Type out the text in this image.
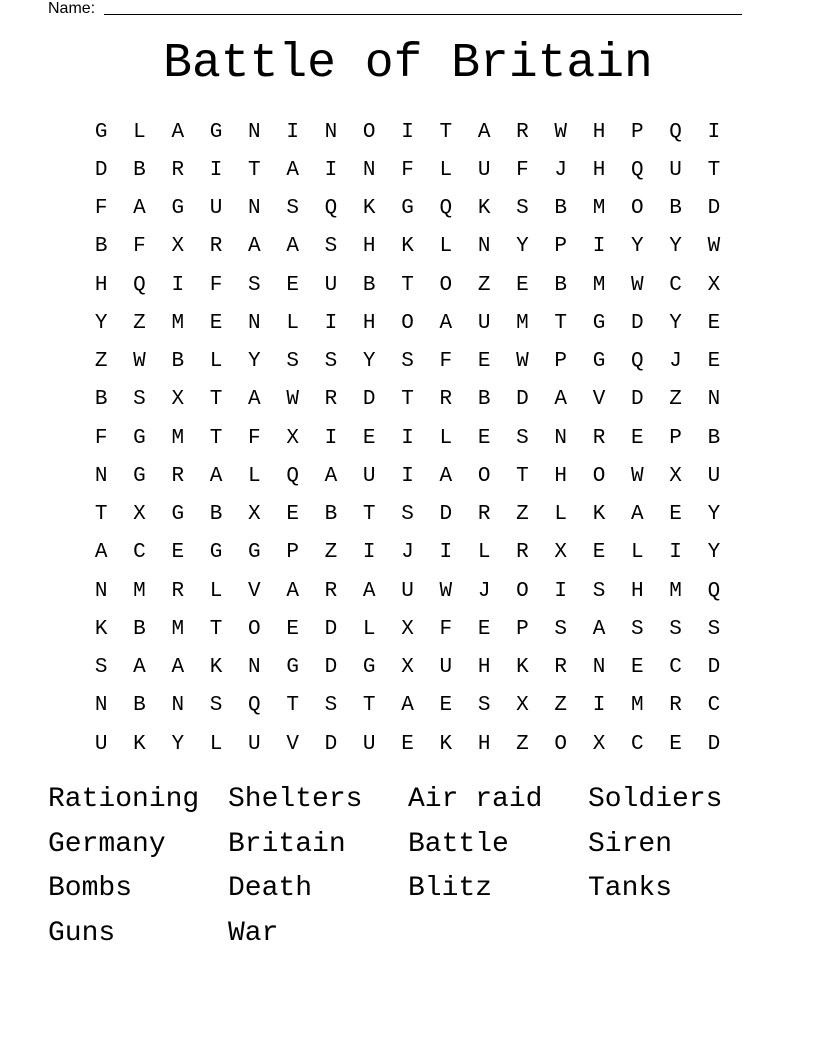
Name:
Battle of Britain
G	L	A	G	N	I	N	O	I	T	A	R	W	H	P	Q	I
D	B	R	I	T	A	I	N	F	L	U	F	J	H	Q	U	T
F	A	G	U	N	S	Q	K	G	Q	K	S	B	M	O	B	D
B	F	X	R	A	A	S	H	K	L	N	Y	P	I	Y	Y	W
H	Q	I	F	S	E	U	B	T	O	Z	E	B	M	W	C	X
Y	Z	M	E	N	L	I	H	O	A	U	M	T	G	D	Y	E
Z	W	B	L	Y	S	S	Y	S	F	E	W	P	G	Q	J	E
B	S	X	T	A	W	R	D	T	R	B	D	A	V	D	Z	N
F	G	M	T	F	X	I	E	I	L	E	S	N	R	E	P	B
N	G	R	A	L	Q	A	U	I	A	O	T	H	O	W	X	U
T	X	G	B	X	E	B	T	S	D	R	Z	L	K	A	E	Y
A	C	E	G	G	P	Z	I	J	I	L	R	X	E	L	I	Y
N	M	R	L	V	A	R	A	U	W	J	O	I	S	H	M	Q
K	B	M	T	O	E	D	L	X	F	E	P	S	A	S	S	S
S	A	A	K	N	G	D	G	X	U	H	K	R	N	E	C	D
N	B	N	S	Q	T	S	T	A	E	S	X	Z	I	M	R	C
U	K	Y	L	U	V	D	U	E	K	H	Z	O	X	C	E	D
Rationing	Shelters	Air raid	Soldiers
Germany	Britain	Battle	Siren
Bombs	Death	Blitz	Tanks
Guns	War
